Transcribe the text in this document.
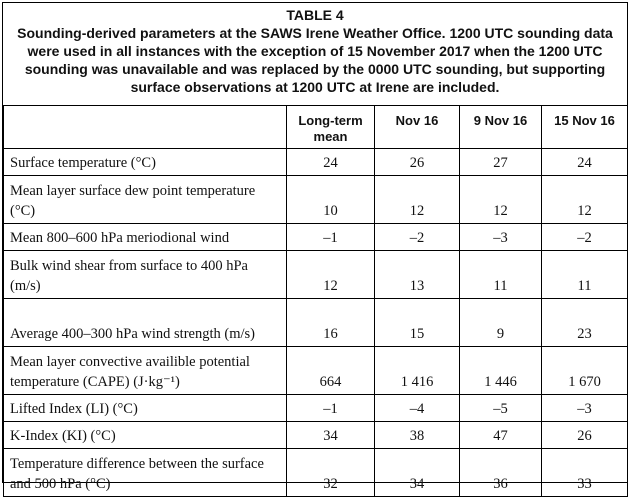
TABLE 4
Sounding-derived parameters at the SAWS Irene Weather Office. 1200 UTC sounding data were used in all instances with the exception of 15 November 2017 when the 1200 UTC sounding was unavailable and was replaced by the 0000 UTC sounding, but supporting surface observations at 1200 UTC at Irene are included.
	Long-term mean	Nov 16	9 Nov 16	15 Nov 16
Surface temperature (°C)	24	26	27	24
Mean layer surface dew point temperature (°C)	10	12	12	12
Mean 800–600 hPa meriodional wind	–1	–2	–3	–2
Bulk wind shear from surface to 400 hPa (m/s)	12	13	11	11
Average 400–300 hPa wind strength (m/s)	16	15	9	23
Mean layer convective availible potential temperature (CAPE) (J·kg⁻¹)	664	1 416	1 446	1 670
Lifted Index (LI) (°C)	–1	–4	–5	–3
K-Index (KI) (°C)	34	38	47	26
Temperature difference between the surface and 500 hPa (°C)	32	34	36	33
